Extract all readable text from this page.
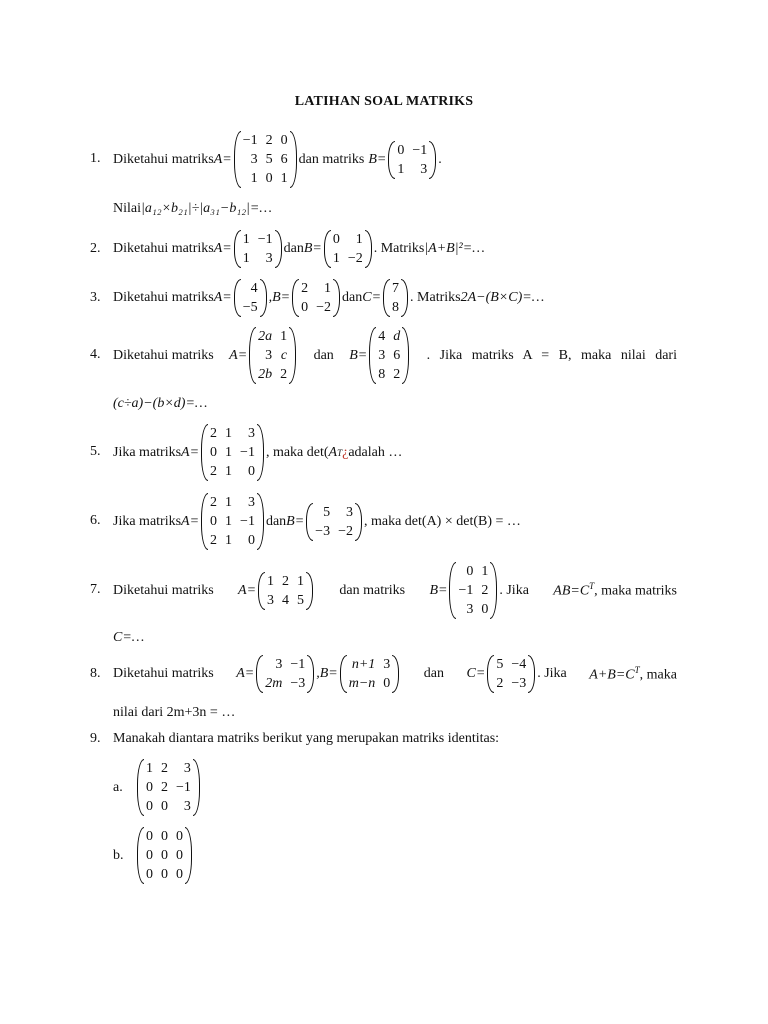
LATIHAN SOAL MATRIKS
1. Diketahui matriks A=
−1	2	0
3	5	6
1	0	1
dan matriks B=
0	−1
1	3
.
Nilai |a₁₂×b₂₁|÷|a₃₁−b₁₂|=…
2. Diketahui matriks A=
1	−1
1	3
dan B=
0	1
1	−2
. Matriks |A+B|²=…
3. Diketahui matriks A=
4
−5
,B=
2	1
0	−2
dan C=
7
8
. Matriks 2A−(B×C)=…
4. Diketahui matriks A=
2a	1
3	c
2b	2
dan B=
4	d
3	6
8	2
. Jika matriks A = B, maka nilai dari
(c÷a)−(b×d)=…
5. Jika matriks A=
2	1	3
0	1	−1
2	1	0
, maka det( A T ¿ adalah …
6. Jika matriks A=
2	1	3
0	1	−1
2	1	0
dan B=
5	3
−3	−2
, maka det(A) × det(B) = …
7. Diketahui matriks A=
1	2	1
3	4	5
dan matriks B=
0	1
−1	2
3	0
. Jika $AB=C^T$, maka matriks
C=…
8. Diketahui matriks A=
3	−1
2m	−3
,B=
n+1	3
m−n	0
dan C=
5	−4
2	−3
. Jika $A+B=C^T$, maka
nilai dari 2m+3n = …
9. Manakah diantara matriks berikut yang merupakan matriks identitas:
a.
1	2	3
0	2	−1
0	0	3
b.
0	0	0
0	0	0
0	0	0
